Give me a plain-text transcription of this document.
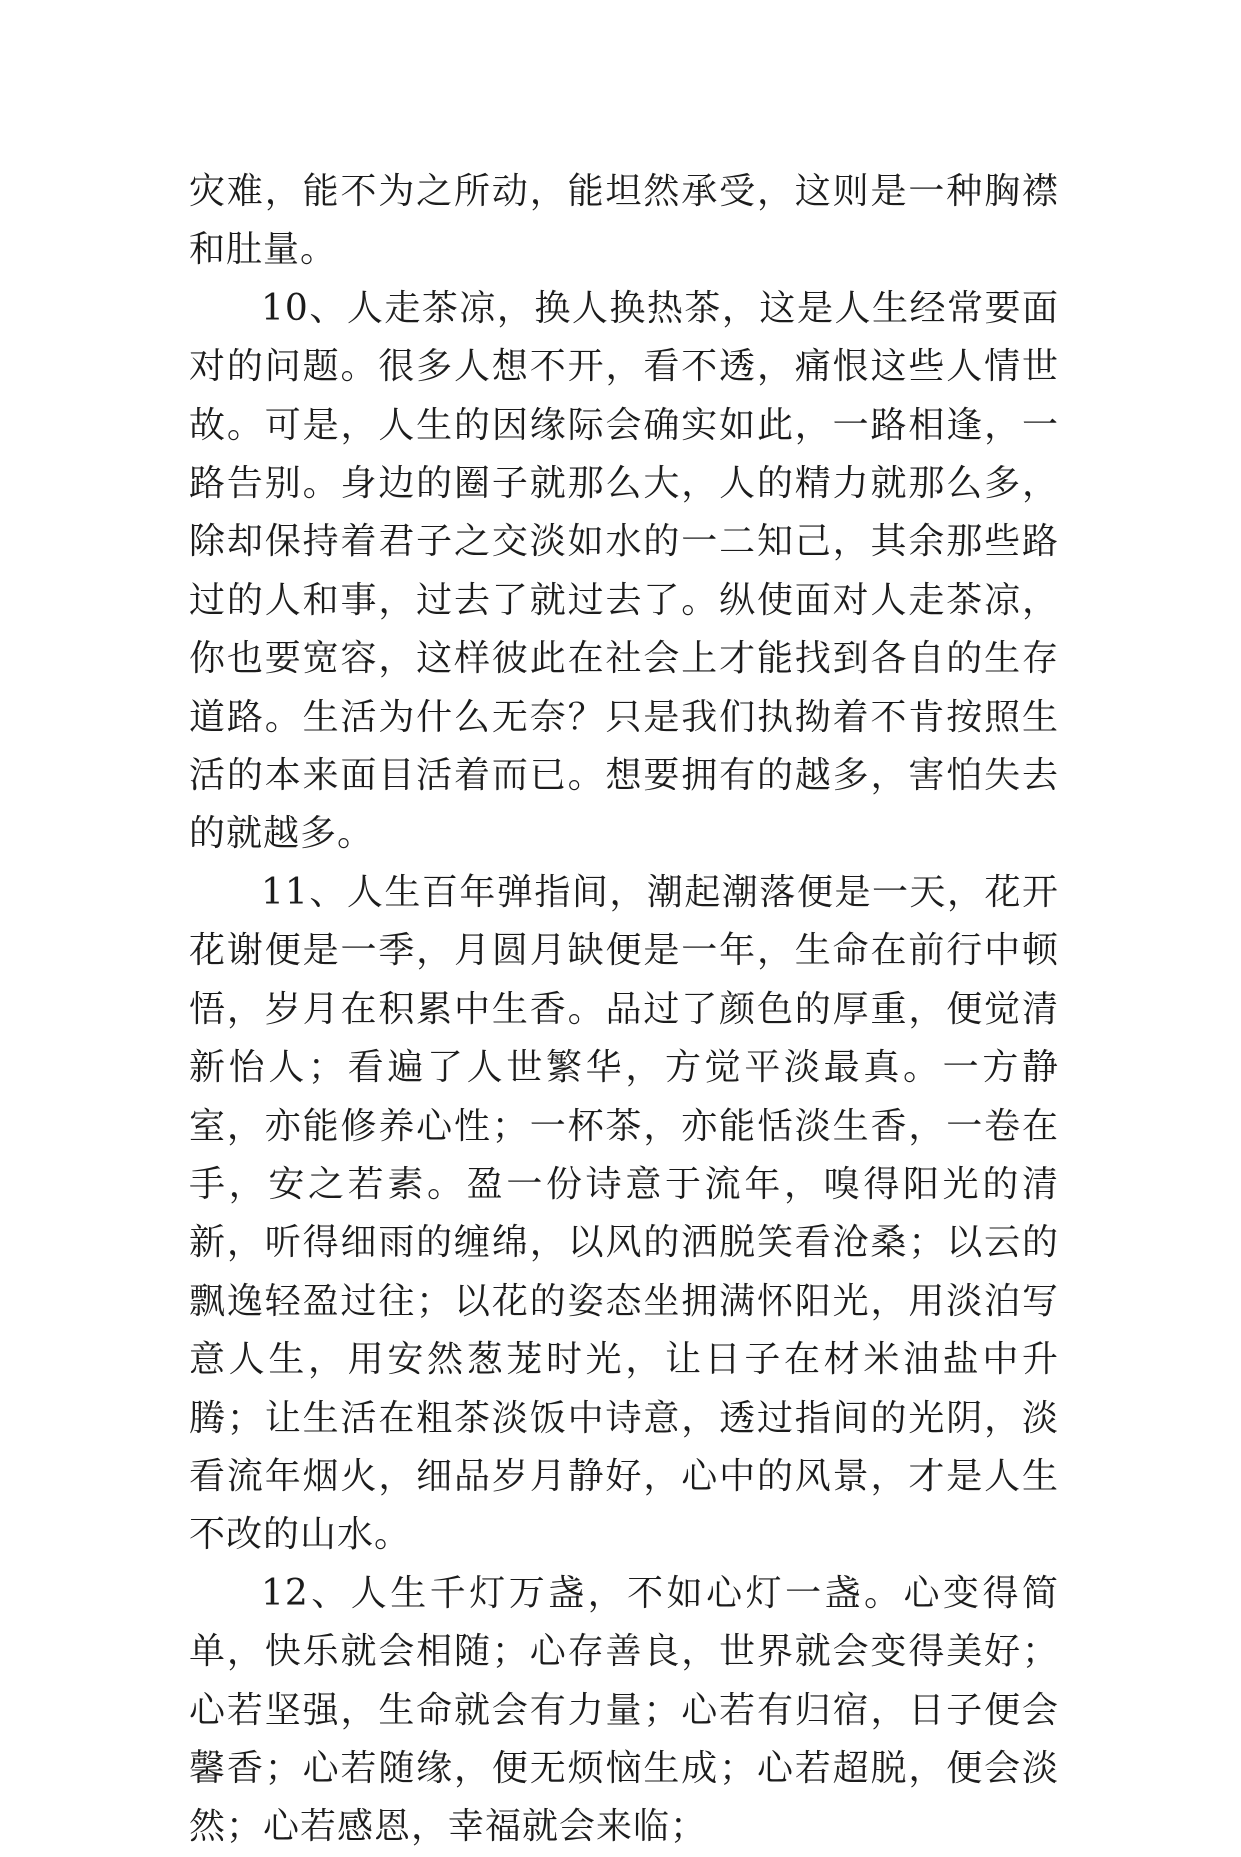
灾难，能不为之所动，能坦然承受，这则是一种胸襟和肚量。

10、人走茶凉，换人换热茶，这是人生经常要面对的问题。很多人想不开，看不透，痛恨这些人情世故。可是，人生的因缘际会确实如此，一路相逢，一路告别。身边的圈子就那么大，人的精力就那么多，除却保持着君子之交淡如水的一二知己，其余那些路过的人和事，过去了就过去了。纵使面对人走茶凉，你也要宽容，这样彼此在社会上才能找到各自的生存道路。生活为什么无奈？只是我们执拗着不肯按照生活的本来面目活着而已。想要拥有的越多，害怕失去的就越多。

11、人生百年弹指间，潮起潮落便是一天，花开花谢便是一季，月圆月缺便是一年，生命在前行中顿悟，岁月在积累中生香。品过了颜色的厚重，便觉清新怡人；看遍了人世繁华，方觉平淡最真。一方静室，亦能修养心性；一杯茶，亦能恬淡生香，一卷在手，安之若素。盈一份诗意于流年，嗅得阳光的清新，听得细雨的缠绵，以风的洒脱笑看沧桑；以云的飘逸轻盈过往；以花的姿态坐拥满怀阳光，用淡泊写意人生，用安然葱茏时光，让日子在材米油盐中升腾；让生活在粗茶淡饭中诗意，透过指间的光阴，淡看流年烟火，细品岁月静好，心中的风景，才是人生不改的山水。

12、人生千灯万盏，不如心灯一盏。心变得简单，快乐就会相随；心存善良，世界就会变得美好；心若坚强，生命就会有力量；心若有归宿，日子便会馨香；心若随缘，便无烦恼生成；心若超脱，便会淡然；心若感恩，幸福就会来临；
